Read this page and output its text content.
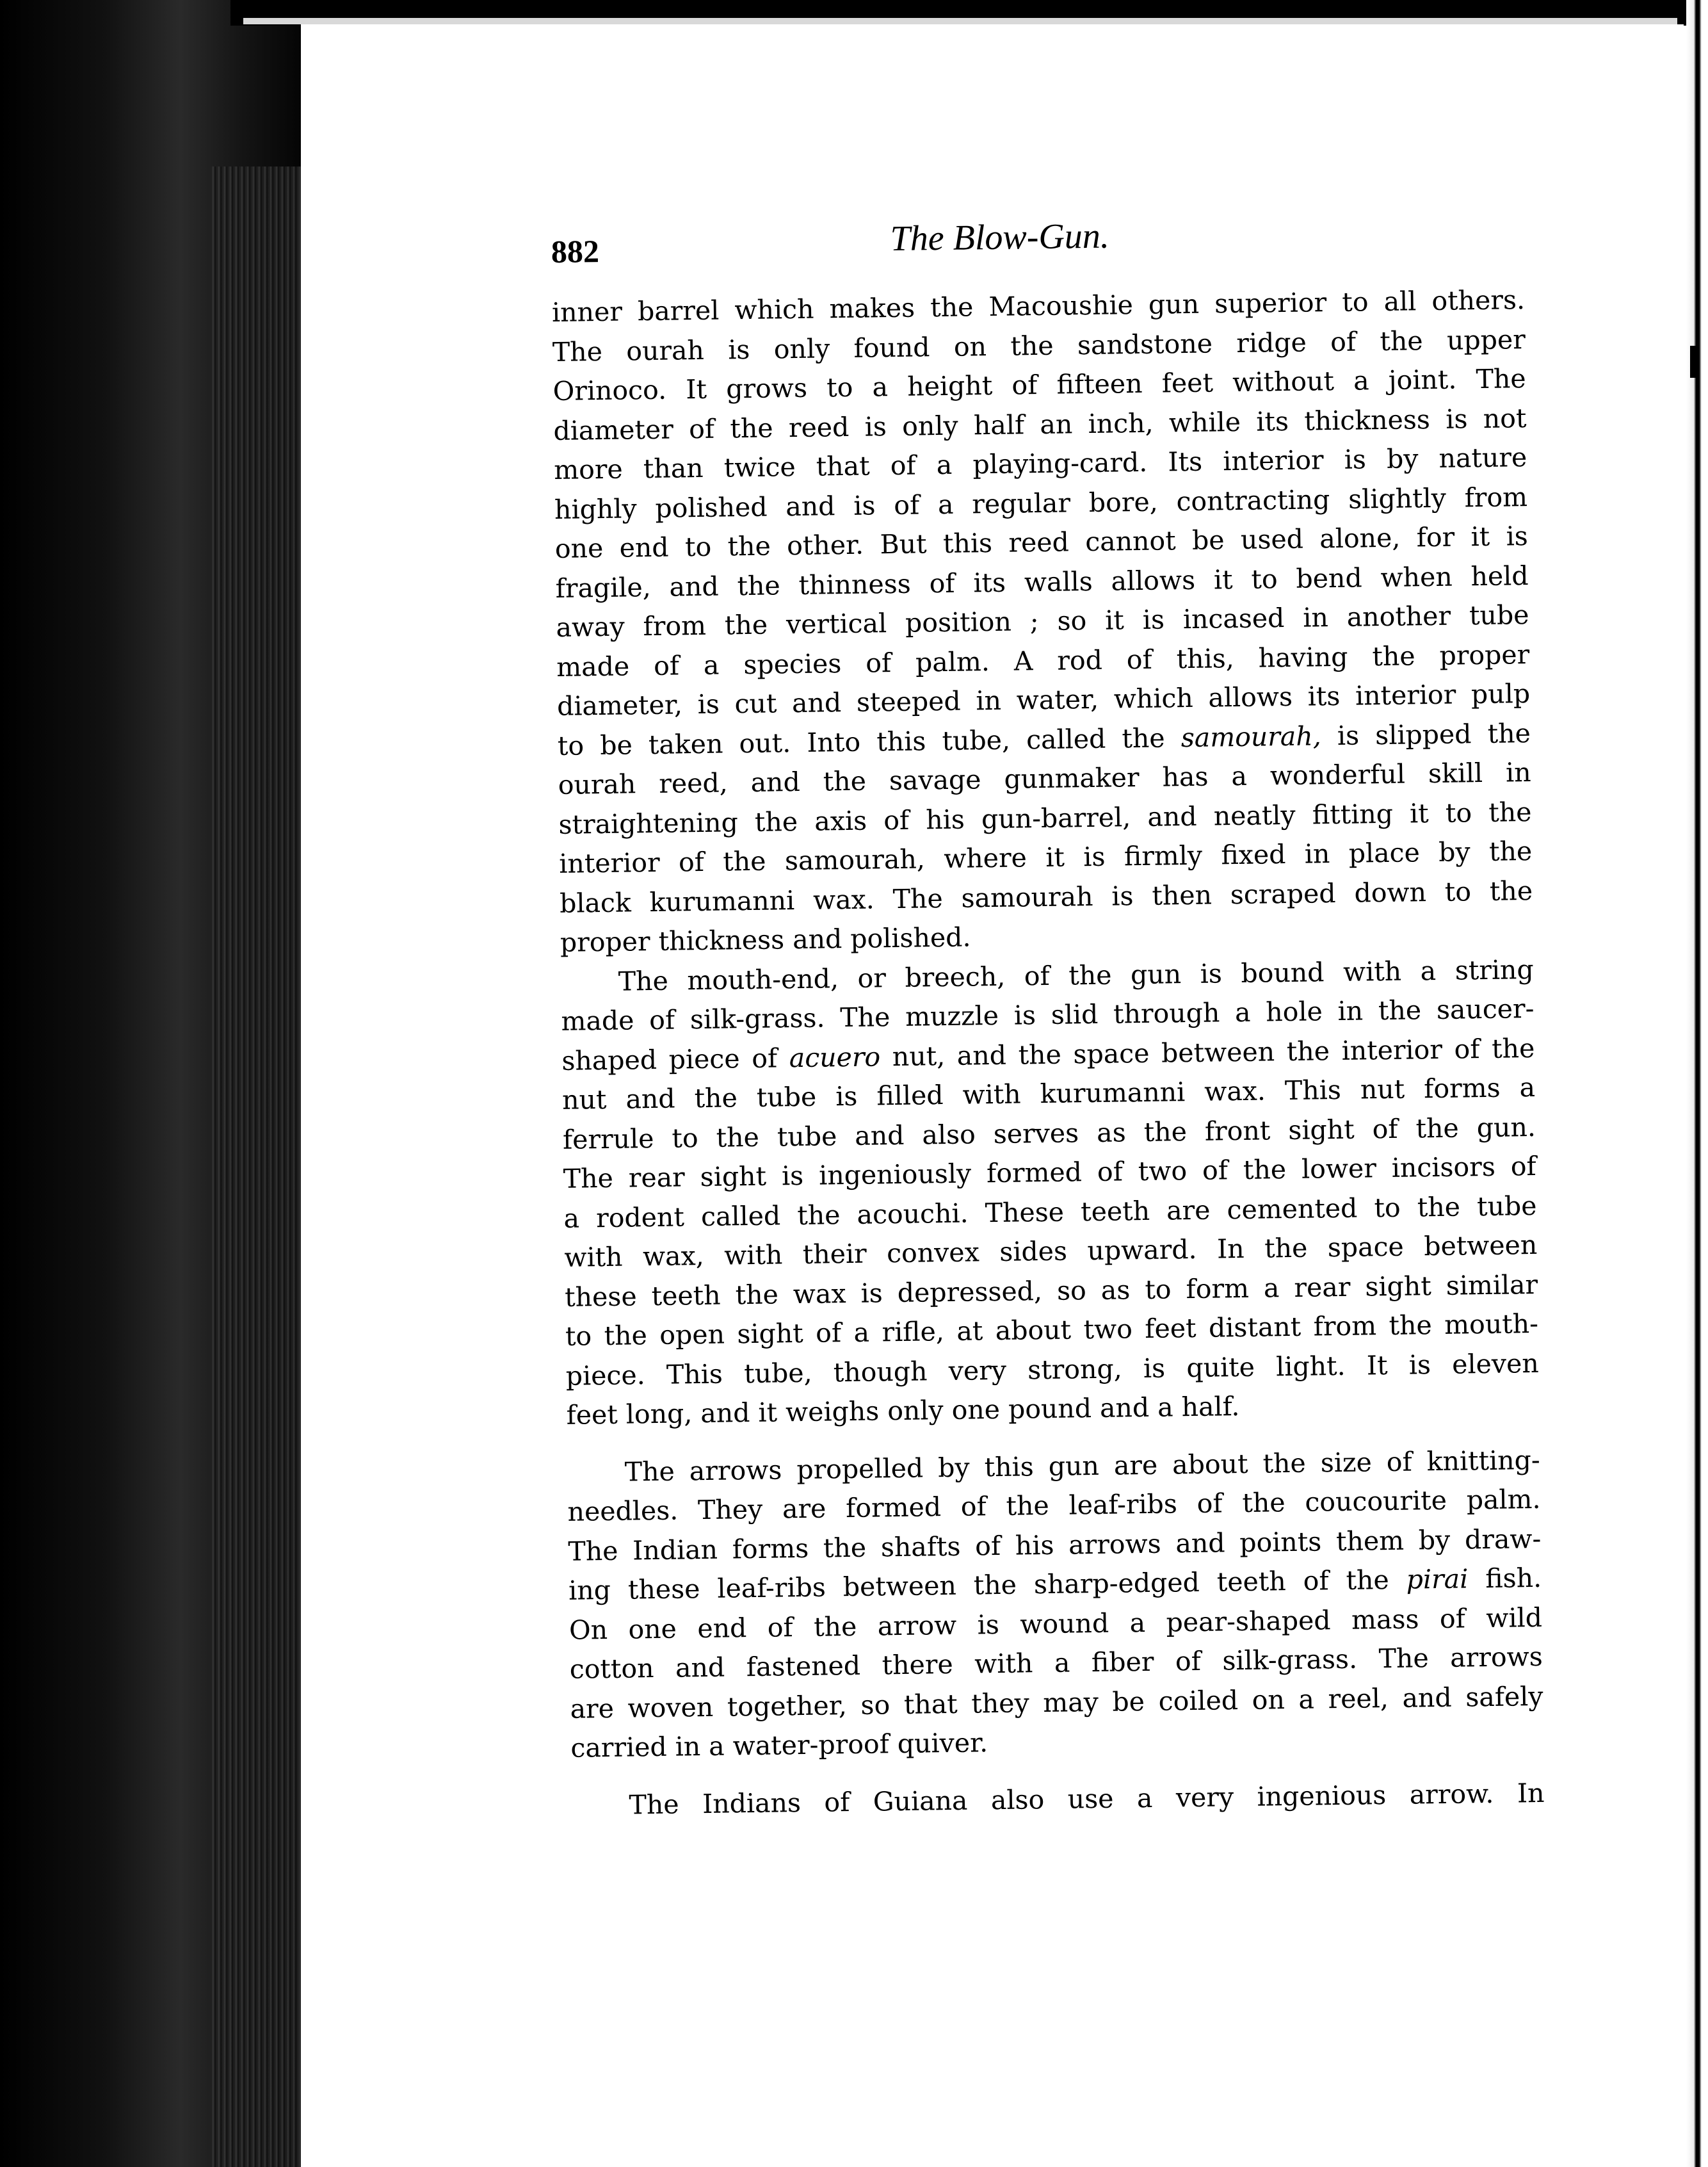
882	The Blow-Gun.
inner barrel which makes the Macoushie gun superior to all others.
The ourah is only found on the sandstone ridge of the upper
Orinoco. It grows to a height of fifteen feet without a joint. The
diameter of the reed is only half an inch, while its thickness is not
more than twice that of a playing-card. Its interior is by nature
highly polished and is of a regular bore, contracting slightly from
one end to the other. But this reed cannot be used alone, for it is
fragile, and the thinness of its walls allows it to bend when held
away from the vertical position ; so it is incased in another tube
made of a species of palm. A rod of this, having the proper
diameter, is cut and steeped in water, which allows its interior pulp
to be taken out. Into this tube, called the samourah, is slipped the
ourah reed, and the savage gunmaker has a wonderful skill in
straightening the axis of his gun-barrel, and neatly fitting it to the
interior of the samourah, where it is firmly fixed in place by the
black kurumanni wax. The samourah is then scraped down to the
proper thickness and polished.
The mouth-end, or breech, of the gun is bound with a string
made of silk-grass. The muzzle is slid through a hole in the saucer-
shaped piece of acuero nut, and the space between the interior of the
nut and the tube is filled with kurumanni wax. This nut forms a
ferrule to the tube and also serves as the front sight of the gun.
The rear sight is ingeniously formed of two of the lower incisors of
a rodent called the acouchi. These teeth are cemented to the tube
with wax, with their convex sides upward. In the space between
these teeth the wax is depressed, so as to form a rear sight similar
to the open sight of a rifle, at about two feet distant from the mouth-
piece. This tube, though very strong, is quite light. It is eleven
feet long, and it weighs only one pound and a half.
The arrows propelled by this gun are about the size of knitting-
needles. They are formed of the leaf-ribs of the coucourite palm.
The Indian forms the shafts of his arrows and points them by draw-
ing these leaf-ribs between the sharp-edged teeth of the pirai fish.
On one end of the arrow is wound a pear-shaped mass of wild
cotton and fastened there with a fiber of silk-grass. The arrows
are woven together, so that they may be coiled on a reel, and safely
carried in a water-proof quiver.
The Indians of Guiana also use a very ingenious arrow. In
